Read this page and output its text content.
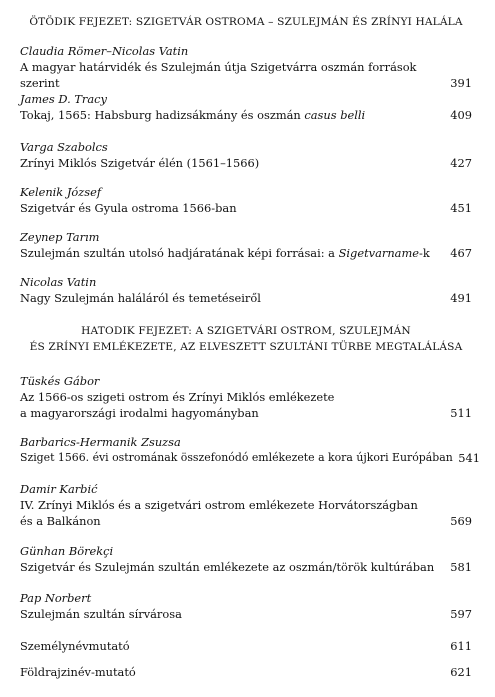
ÖTÖDIK FEJEZET: SZIGETVÁR OSTROMA – SZULEJMÁN ÉS ZRÍNYI HALÁLA
Claudia Römer–Nicolas Vatin
A magyar határvidék és Szulejmán útja Szigetvárra oszmán források szerint	391
James D. Tracy
Tokaj, 1565: Habsburg hadizsákmány és oszmán casus belli	409
Varga Szabolcs
Zrínyi Miklós Szigetvár élén (1561–1566)	427
Kelenik József
Szigetvár és Gyula ostroma 1566-ban	451
Zeynep Tarım
Szulejmán szultán utolsó hadjáratának képi forrásai: a Sigetvarname-k	467
Nicolas Vatin
Nagy Szulejmán haláláról és temetéseiről	491
HATODIK FEJEZET: A SZIGETVÁRI OSTROM, SZULEJMÁN
ÉS ZRÍNYI EMLÉKEZETE, AZ ELVESZETT SZULTÁNI TÜRBE MEGTALÁLÁSA
Tüskés Gábor
Az 1566-os szigeti ostrom és Zrínyi Miklós emlékezete
a magyarországi irodalmi hagyományban	511
Barbarics-Hermanik Zsuzsa
Sziget 1566. évi ostromának összefonódó emlékezete a kora újkori Európában 541
Damir Karbić
IV. Zrínyi Miklós és a szigetvári ostrom emlékezete Horvátországban
és a Balkánon	569
Günhan Börekçi
Szigetvár és Szulejmán szultán emlékezete az oszmán/török kultúrában	581
Pap Norbert
Szulejmán szultán sírvárosa	597
Személynévmutató	611
Földrajzinév-mutató	621
